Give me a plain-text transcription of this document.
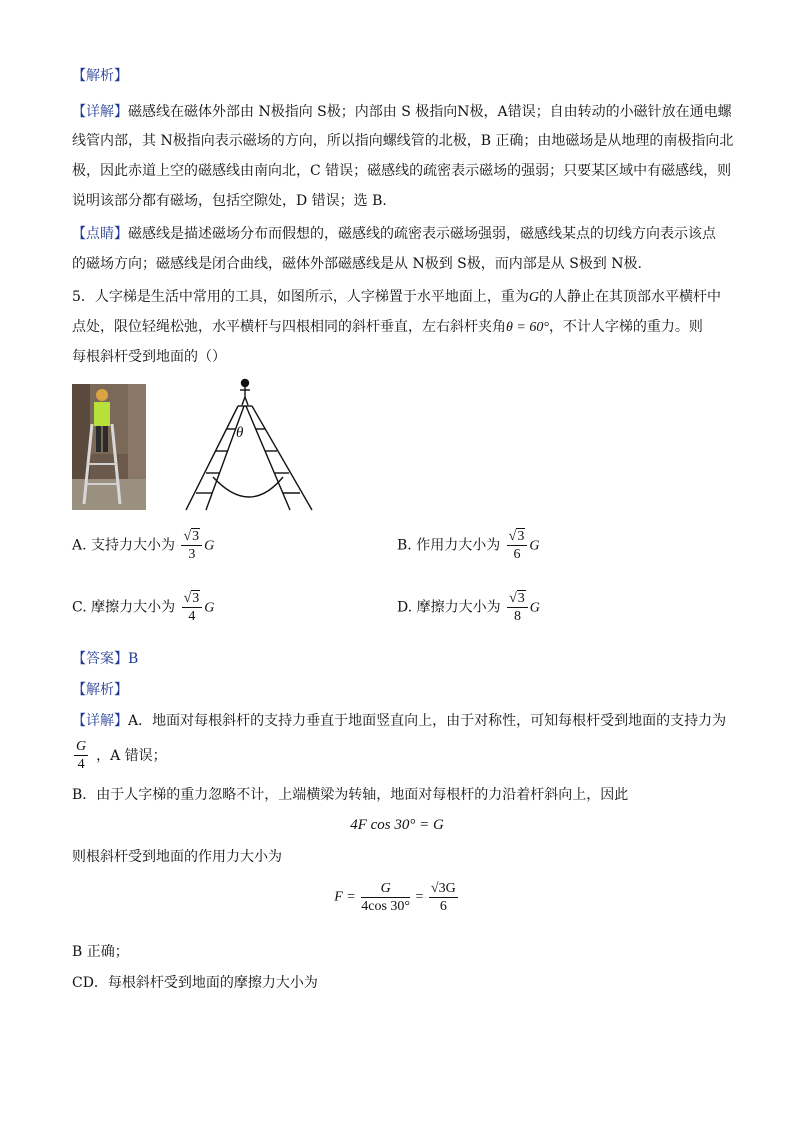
【解析】
【详解】磁感线在磁体外部由 N极指向 S极；内部由 S 极指向N极，A错误；自由转动的小磁针放在通电螺
线管内部，其 N极指向表示磁场的方向，所以指向螺线管的北极，B 正确；由地磁场是从地理的南极指向北
极，因此赤道上空的磁感线由南向北，C 错误；磁感线的疏密表示磁场的强弱；只要某区域中有磁感线，则
说明该部分都有磁场，包括空隙处，D 错误；选 B.
【点睛】磁感线是描述磁场分布而假想的，磁感线的疏密表示磁场强弱，磁感线某点的切线方向表示该点
的磁场方向；磁感线是闭合曲线，磁体外部磁感线是从 N极到 S极，而内部是从 S极到 N极.
5．人字梯是生活中常用的工具，如图所示，人字梯置于水平地面上，重为G的人静止在其顶部水平横杆中
点处，限位轻绳松弛，水平横杆与四根相同的斜杆垂直，左右斜杆夹角θ = 60°，不计人字梯的重力。则
每根斜杆受到地面的（）
θ
A. 支持力大小为 $\frac{√3}{3}$ G	B. 作用力大小为 $\frac{√3}{6}$ G
C. 摩擦力大小为 $\frac{√3}{4}$ G	D. 摩擦力大小为 $\frac{√3}{8}$ G
【答案】B
【解析】
【详解】A．地面对每根斜杆的支持力垂直于地面竖直向上，由于对称性，可知每根杆受到地面的支持力为
$\frac{G}{4}$ ，A 错误；
B．由于人字梯的重力忽略不计，上端横梁为转轴，地面对每根杆的力沿着杆斜向上，因此
4F cos 30° = G
则根斜杆受到地面的作用力大小为
$F = \frac{G}{4\cos 30^\circ} = \frac{√3G}{6}$
B 正确；
CD．每根斜杆受到地面的摩擦力大小为
